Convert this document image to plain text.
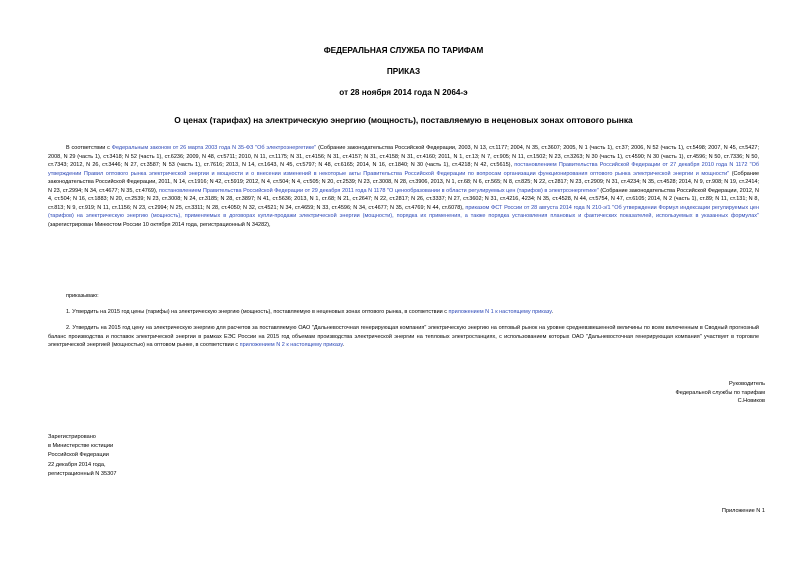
ФЕДЕРАЛЬНАЯ СЛУЖБА ПО ТАРИФАМ
ПРИКАЗ
от 28 ноября 2014 года N 2064-э
О ценах (тарифах) на электрическую энергию (мощность), поставляемую в неценовых зонах оптового рынка
В соответствии с Федеральным законом от 26 марта 2003 года N 35-ФЗ "Об электроэнергетике" (Собрание законодательства Российской Федерации, 2003, N 13, ст.1177; 2004, N 35, ст.3607; 2005, N 1 (часть 1), ст.37; 2006, N 52 (часть 1), ст.5498; 2007, N 45, ст.5427; 2008, N 29 (часть 1), ст.3418; N 52 (часть 1), ст.6236; 2009, N 48, ст.5711; 2010, N 11, ст.1175; N 31, ст.4156; N 31, ст.4157; N 31, ст.4158; N 31, ст.4160; 2011, N 1, ст.13; N 7, ст.905; N 11, ст.1502; N 23, ст.3263; N 30 (часть 1), ст.4590; N 30 (часть 1), ст.4596; N 50, ст.7336; N 50, ст.7343; 2012, N 26, ст.3446; N 27, ст.3587; N 53 (часть 1), ст.7616; 2013, N 14, ст.1643, N 45, ст.5797; N 48, ст.6165; 2014, N 16, ст.1840; N 30 (часть 1), ст.4218; N 42, ст.5615), постановлением Правительства Российской Федерации от 27 декабря 2010 года N 1172 "Об утверждении Правил оптового рынка электрической энергии и мощности и о внесении изменений в некоторые акты Правительства Российской Федерации по вопросам организации функционирования оптового рынка электрической энергии и мощности" (Собрание законодательства Российской Федерации, 2011, N 14, ст.1916; N 42, ст.5919; 2012, N 4, ст.504; N 4, ст.505; N 20, ст.2539; N 23, ст.3008, N 28, ст.3906, 2013, N 1, ст.68; N 6, ст.565; N 8, ст.825; N 22, ст.2817; N 23, ст.2909; N 31, ст.4234; N 35, ст.4528; 2014, N 9, ст.908; N 19, ст.2414; N 23, ст.2994; N 34, ст.4677; N 35, ст.4769), постановлением Правительства Российской Федерации от 29 декабря 2011 года N 1178 "О ценообразовании в области регулируемых цен (тарифов) в электроэнергетике" (Собрание законодательства Российской Федерации, 2012, N 4, ст.504; N 16, ст.1883; N 20, ст.2539; N 23, ст.3008; N 24, ст.3185; N 28, ст.3897; N 41, ст.5636; 2013, N 1, ст.68; N 21, ст.2647; N 22, ст.2817; N 26, ст.3337; N 27, ст.3602; N 31, ст.4216, 4234; N 35, ст.4528, N 44, ст.5754, N 47, ст.6105; 2014, N 2 (часть 1), ст.89; N 11, ст.131; N 8, ст.813; N 9, ст.919; N 11, ст.1156; N 23, ст.2994; N 25, ст.3311; N 28, ст.4050; N 32, ст.4521; N 34, ст.4659; N 33, ст.4596; N 34, ст.4677; N 35, ст.4769; N 44, ст.6078), приказом ФСТ России от 28 августа 2014 года N 210-э/1 "Об утверждении Формул индексации регулируемых цен (тарифов) на электрическую энергию (мощность), применяемых в договорах купли-продажи электрической энергии (мощности), порядка их применения, а также порядка установления плановых и фактических показателей, используемых в указанных формулах" (зарегистрирован Минюстом России 10 октября 2014 года, регистрационный N 34282),
приказываю:
1. Утвердить на 2015 год цены (тарифы) на электрическую энергию (мощность), поставляемую в неценовых зонах оптового рынка, в соответствии с приложением N 1 к настоящему приказу.
2. Утвердить на 2015 год цену на электрическую энергию для расчетов за поставляемую ОАО "Дальневосточная генерирующая компания" электрическую энергию на оптовый рынок на уровне средневзвешенной величины по всем включенным в Сводный прогнозный баланс производства и поставок электрической энергии в рамках ЕЭС России на 2015 год объемам производства электрической энергии на тепловых электростанциях, с использованием которых ОАО "Дальневосточная генерирующая компания" участвует в торговле электрической энергией (мощностью) на оптовом рынке, в соответствии с приложением N 2 к настоящему приказу.
Руководитель
Федеральной службы по тарифам
С.Новиков
Зарегистрировано
в Министерстве юстиции
Российской Федерации
22 декабря 2014 года,
регистрационный N 35307
Приложение N 1
